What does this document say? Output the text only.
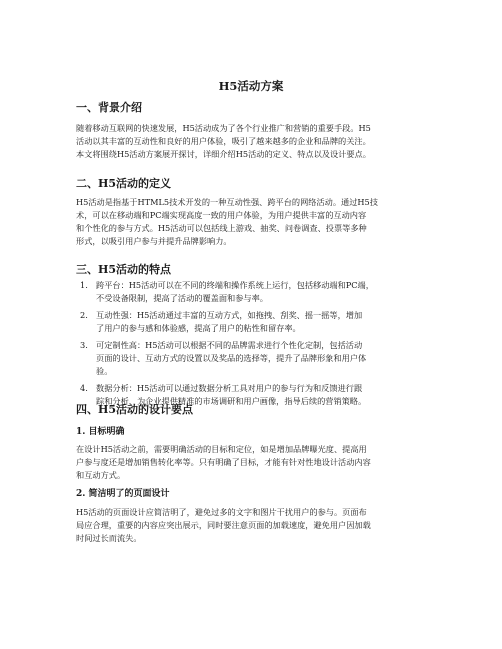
H5活动方案
一、背景介绍

随着移动互联网的快速发展，H5活动成为了各个行业推广和营销的重要手段。H5
活动以其丰富的互动性和良好的用户体验，吸引了越来越多的企业和品牌的关注。
本文将围绕H5活动方案展开探讨，详细介绍H5活动的定义、特点以及设计要点。

二、H5活动的定义

H5活动是指基于HTML5技术开发的一种互动性强、跨平台的网络活动。通过H5技
术，可以在移动端和PC端实现高度一致的用户体验，为用户提供丰富的互动内容
和个性化的参与方式。H5活动可以包括线上游戏、抽奖、问卷调查、投票等多种
形式，以吸引用户参与并提升品牌影响力。

三、H5活动的特点
1. 跨平台：H5活动可以在不同的终端和操作系统上运行，包括移动端和PC端，
不受设备限制，提高了活动的覆盖面和参与率。
2. 互动性强：H5活动通过丰富的互动方式，如拖拽、刮奖、摇一摇等，增加
了用户的参与感和体验感，提高了用户的粘性和留存率。
3. 可定制性高：H5活动可以根据不同的品牌需求进行个性化定制，包括活动
页面的设计、互动方式的设置以及奖品的选择等，提升了品牌形象和用户体
验。
4. 数据分析：H5活动可以通过数据分析工具对用户的参与行为和反馈进行跟
踪和分析，为企业提供精准的市场调研和用户画像，指导后续的营销策略。
四、H5活动的设计要点
1. 目标明确

在设计H5活动之前，需要明确活动的目标和定位，如是增加品牌曝光度、提高用
户参与度还是增加销售转化率等。只有明确了目标，才能有针对性地设计活动内容
和互动方式。

2. 简洁明了的页面设计

H5活动的页面设计应简洁明了，避免过多的文字和图片干扰用户的参与。页面布
局应合理，重要的内容应突出展示，同时要注意页面的加载速度，避免用户因加载
时间过长而流失。
